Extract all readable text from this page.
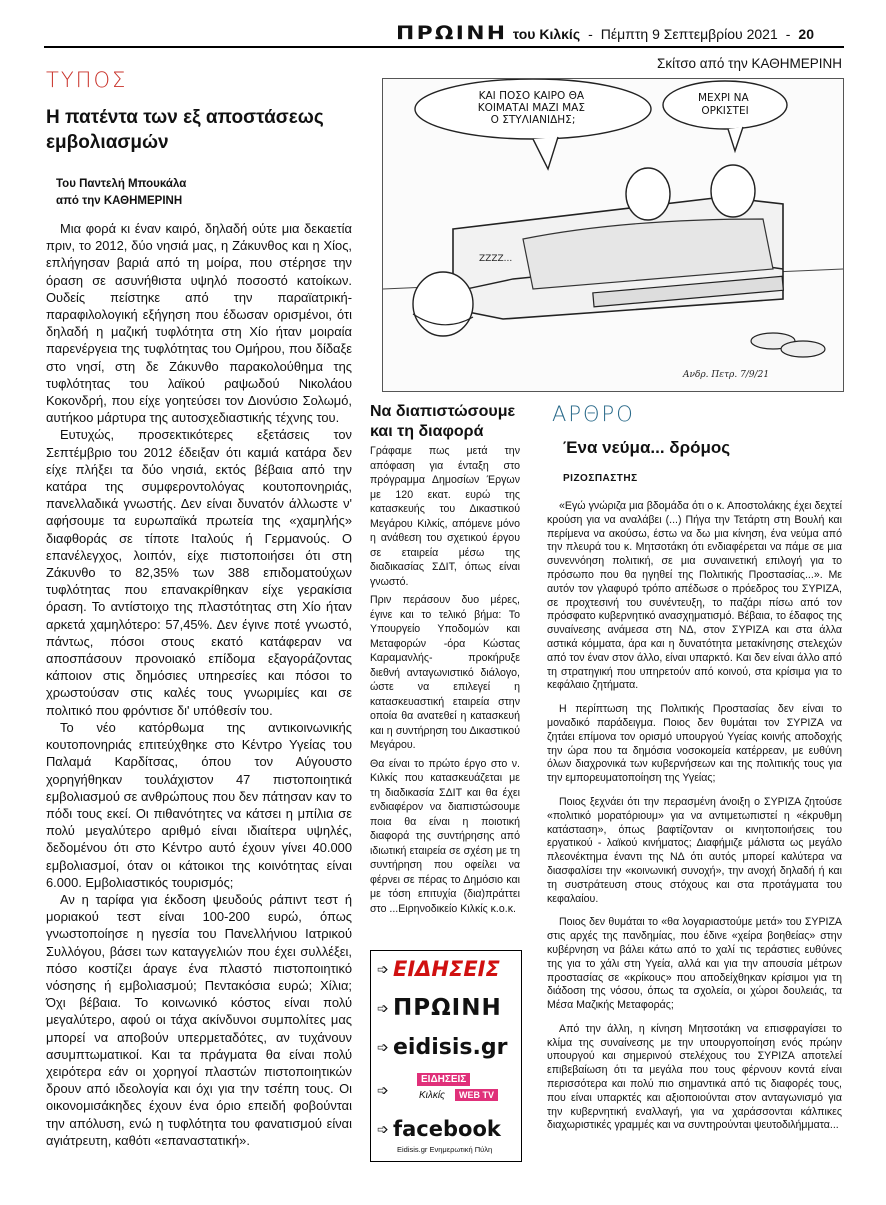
ΠΡΩΙΝΗ του Κιλκίς - Πέμπτη 9 Σεπτεμβρίου 2021 - 20
ΤΥΠΟΣ
Η πατέντα των εξ αποστάσεως εμβολιασμών
Του Παντελή Μπουκάλα
από την ΚΑΘΗΜΕΡΙΝΗ

Μια φορά κι έναν καιρό, δηλαδή ούτε μια δεκαετία πριν, το 2012, δύο νησιά μας, η Ζάκυνθος και η Χίος, επλήγησαν βαριά από τη μοίρα, που στέρησε την όραση σε ασυνήθιστα υψηλό ποσοστό κατοίκων. Ουδείς πείστηκε από την παραϊατρική-παραφιλολογική εξήγηση που έδωσαν ορισμένοι, ότι δηλαδή η μαζική τυφλότητα στη Χίο ήταν μοιραία παρενέργεια της τυφλότητας του Ομήρου, που δίδαξε στο νησί, στη δε Ζάκυνθο παρακολούθημα της τυφλότητας του λαϊκού ραψωδού Νικολάου Κοκονδρή, που είχε γοητεύσει τον Διονύσιο Σολωμό, αυτήκοο μάρτυρα της αυτοσχεδιαστικής τέχνης του.

Ευτυχώς, προσεκτικότερες εξετάσεις τον Σεπτέμβριο του 2012 έδειξαν ότι καμιά κατάρα δεν είχε πλήξει τα δύο νησιά, εκτός βέβαια από την κατάρα της συμφεροντολόγας κουτοπονηριάς, πανελλαδικά γνωστής. Δεν είναι δυνατόν άλλωστε ν' αφήσουμε τα ευρωπαϊκά πρωτεία της «χαμηλής» διαφθοράς σε τίποτε Ιταλούς ή Γερμανούς. Ο επανέλεγχος, λοιπόν, είχε πιστοποιήσει ότι στη Ζάκυνθο το 82,35% των 388 επιδοματούχων τυφλότητας που επανακρίθηκαν είχε γερακίσια όραση. Το αντίστοιχο της πλαστότητας στη Χίο ήταν αρκετά χαμηλότερο: 57,45%. Δεν έγινε ποτέ γνωστό, πάντως, πόσοι στους εκατό κατάφεραν να αποσπάσουν προνοιακό επίδομα εξαγοράζοντας κάποιον στις δημόσιες υπηρεσίες και πόσοι το χρωστούσαν στις καλές τους γνωριμίες και σε πολιτικό που φρόντισε δι' υπόθεσίν του.

Το νέο κατόρθωμα της αντικοινωνικής κουτοπονηριάς επιτεύχθηκε στο Κέντρο Υγείας του Παλαμά Καρδίτσας, όπου τον Αύγουστο χορηγήθηκαν τουλάχιστον 47 πιστοποιητικά εμβολιασμού σε ανθρώπους που δεν πάτησαν καν το πόδι τους εκεί. Οι πιθανότητες να κάτσει η μπίλια σε πολύ μεγαλύτερο αριθμό είναι ιδιαίτερα υψηλές, δεδομένου ότι στο Κέντρο αυτό έχουν γίνει 40.000 εμβολιασμοί, όταν οι κάτοικοι της κοινότητας είναι 6.000. Εμβολιαστικός τουρισμός;

Αν η ταρίφα για έκδοση ψευδούς ράπιντ τεστ ή μοριακού τεστ είναι 100-200 ευρώ, όπως γνωστοποίησε η ηγεσία του Πανελλήνιου Ιατρικού Συλλόγου, βάσει των καταγγελιών που έχει συλλέξει, πόσο κοστίζει άραγε ένα πλαστό πιστοποιητικό νόσησης ή εμβολιασμού; Πεντακόσια ευρώ; Χίλια; Όχι βέβαια. Το κοινωνικό κόστος είναι πολύ μεγαλύτερο, αφού οι τάχα ακίνδυνοι συμπολίτες μας μπορεί να αποβούν υπερμεταδότες, αν τυχάνουν ασυμπτωματικοί. Και τα πράγματα θα είναι πολύ χειρότερα εάν οι χορηγοί πλαστών πιστοποιητικών δρουν από ιδεολογία και όχι για την τσέπη τους. Οι οικονομισάκηδες έχουν ένα όριο επειδή φοβούνται την απόλυση, ενώ η τυφλότητα του φανατισμού είναι αγιάτρευτη, καθότι «επαναστατική».

Σκίτσο από την ΚΑΘΗΜΕΡΙΝΗ
ΚΑΙ ΠΟΣΟ ΚΑΙΡΟ ΘΑ ΚΟΙΜΑΤΑΙ ΜΑΖΙ ΜΑΣ Ο ΣΤΥΛΙΑΝΙΔΗΣ;
ΜΕΧΡΙ ΝΑ ΟΡΚΙΣΤΕΙ
ZZZZ...
Ανδρ. Πετρ. 7/9/21
Να διαπιστώσουμε και τη διαφορά

Γράφαμε πως μετά την απόφαση για ένταξη στο πρόγραμμα Δημοσίων Έργων με 120 εκατ. ευρώ της κατασκευής του Δικαστικού Μεγάρου Κιλκίς, απόμενε μόνο η ανάθεση του σχετικού έργου σε εταιρεία μέσω της διαδικασίας ΣΔΙΤ, όπως είναι γνωστό.

Πριν περάσουν δυο μέρες, έγινε και το τελικό βήμα: Το Υπουργείο Υποδομών και Μεταφορών -όρα Κώστας Καραμανλής- προκήρυξε διεθνή ανταγωνιστικό διάλογο, ώστε να επιλεγεί η κατασκευαστική εταιρεία στην οποία θα ανατεθεί η κατασκευή και η συντήρηση του Δικαστικού Μεγάρου.

Θα είναι το πρώτο έργο στο ν. Κιλκίς που κατασκευάζεται με τη διαδικασία ΣΔΙΤ και θα έχει ενδιαφέρον να διαπιστώσουμε ποια θα είναι η ποιοτική διαφορά της συντήρησης από ιδιωτική εταιρεία σε σχέση με τη συντήρηση που οφείλει να φέρνει σε πέρας το Δημόσιο και με τόση επιτυχία (δια)πράττει στο ...Ειρηνοδικείο Κιλκίς κ.ο.κ.

➩ ΕΙΔΗΣΕΙΣ
➩ ΠΡΩΙΝΗ
➩ eidisis.gr
➩
ΕΙΔΗΣΕΙΣ
Κιλκίς	WEB TV
➩ facebook
Eidisis.gr Ενημερωτική Πύλη
ΑΡΘΡΟ
Ένα νεύμα... δρόμος
ΡΙΖΟΣΠΑΣΤΗΣ

«Εγώ γνώριζα μια βδομάδα ότι ο κ. Αποστολάκης έχει δεχτεί κρούση για να αναλάβει (...) Πήγα την Τετάρτη στη Βουλή και περίμενα να ακούσω, έστω να δω μια κίνηση, ένα νεύμα από την πλευρά του κ. Μητσοτάκη ότι ενδιαφέρεται να πάμε σε μια συνεννόηση πολιτική, σε μια συναινετική επιλογή για το πρόσωπο που θα ηγηθεί της Πολιτικής Προστασίας...». Με αυτόν τον γλαφυρό τρόπο απέδωσε ο πρόεδρος του ΣΥΡΙΖΑ, σε προχτεσινή του συνέντευξη, το παζάρι πίσω από τον πρόσφατο κυβερνητικό ανασχηματισμό. Βέβαια, το έδαφος της συναίνεσης ανάμεσα στη ΝΔ, στον ΣΥΡΙΖΑ και στα άλλα αστικά κόμματα, άρα και η δυνατότητα μετακίνησης στελεχών από τον έναν στον άλλο, είναι υπαρκτό. Και δεν είναι άλλο από τη στρατηγική που υπηρετούν από κοινού, στα κρίσιμα για το κεφάλαιο ζητήματα.

Η περίπτωση της Πολιτικής Προστασίας δεν είναι το μοναδικό παράδειγμα. Ποιος δεν θυμάται τον ΣΥΡΙΖΑ να ζητάει επίμονα τον ορισμό υπουργού Υγείας κοινής αποδοχής την ώρα που τα δημόσια νοσοκομεία κατέρρεαν, με ευθύνη όλων διαχρονικά των κυβερνήσεων και της πολιτικής τους για την εμπορευματοποίηση της Υγείας;

Ποιος ξεχνάει ότι την περασμένη άνοιξη ο ΣΥΡΙΖΑ ζητούσε «πολιτικό μορατόριουμ» για να αντιμετωπιστεί η «έκρυθμη κατάσταση», όπως βαφτίζονταν οι κινητοποιήσεις του εργατικού - λαϊκού κινήματος; Διαφήμιζε μάλιστα ως μεγάλο πλεονέκτημα έναντι της ΝΔ ότι αυτός μπορεί καλύτερα να διασφαλίσει την «κοινωνική συνοχή», την ανοχή δηλαδή ή και τη συστράτευση στους στόχους και στα προτάγματα του κεφαλαίου.

Ποιος δεν θυμάται το «θα λογαριαστούμε μετά» του ΣΥΡΙΖΑ στις αρχές της πανδημίας, που έδινε «χείρα βοηθείας» στην κυβέρνηση να βάλει κάτω από το χαλί τις τεράστιες ευθύνες της για το χάλι στη Υγεία, αλλά και για την απουσία μέτρων προστασίας σε «κρίκους» που αποδείχθηκαν κρίσιμοι για τη διάδοση της νόσου, όπως τα σχολεία, οι χώροι δουλειάς, τα Μέσα Μαζικής Μεταφοράς;

Από την άλλη, η κίνηση Μητσοτάκη να επισφραγίσει το κλίμα της συναίνεσης με την υπουργοποίηση ενός πρώην υπουργού και σημερινού στελέχους του ΣΥΡΙΖΑ αποτελεί επιβεβαίωση ότι τα μεγάλα που τους φέρνουν κοντά είναι περισσότερα και πολύ πιο σημαντικά από τις διαφορές τους, που είναι υπαρκτές και αξιοποιούνται στον ανταγωνισμό για την κυβερνητική εναλλαγή, για να χαράσσονται κάλπικες διαχωριστικές γραμμές και να συντηρούνται ψευτοδιλήμματα...
